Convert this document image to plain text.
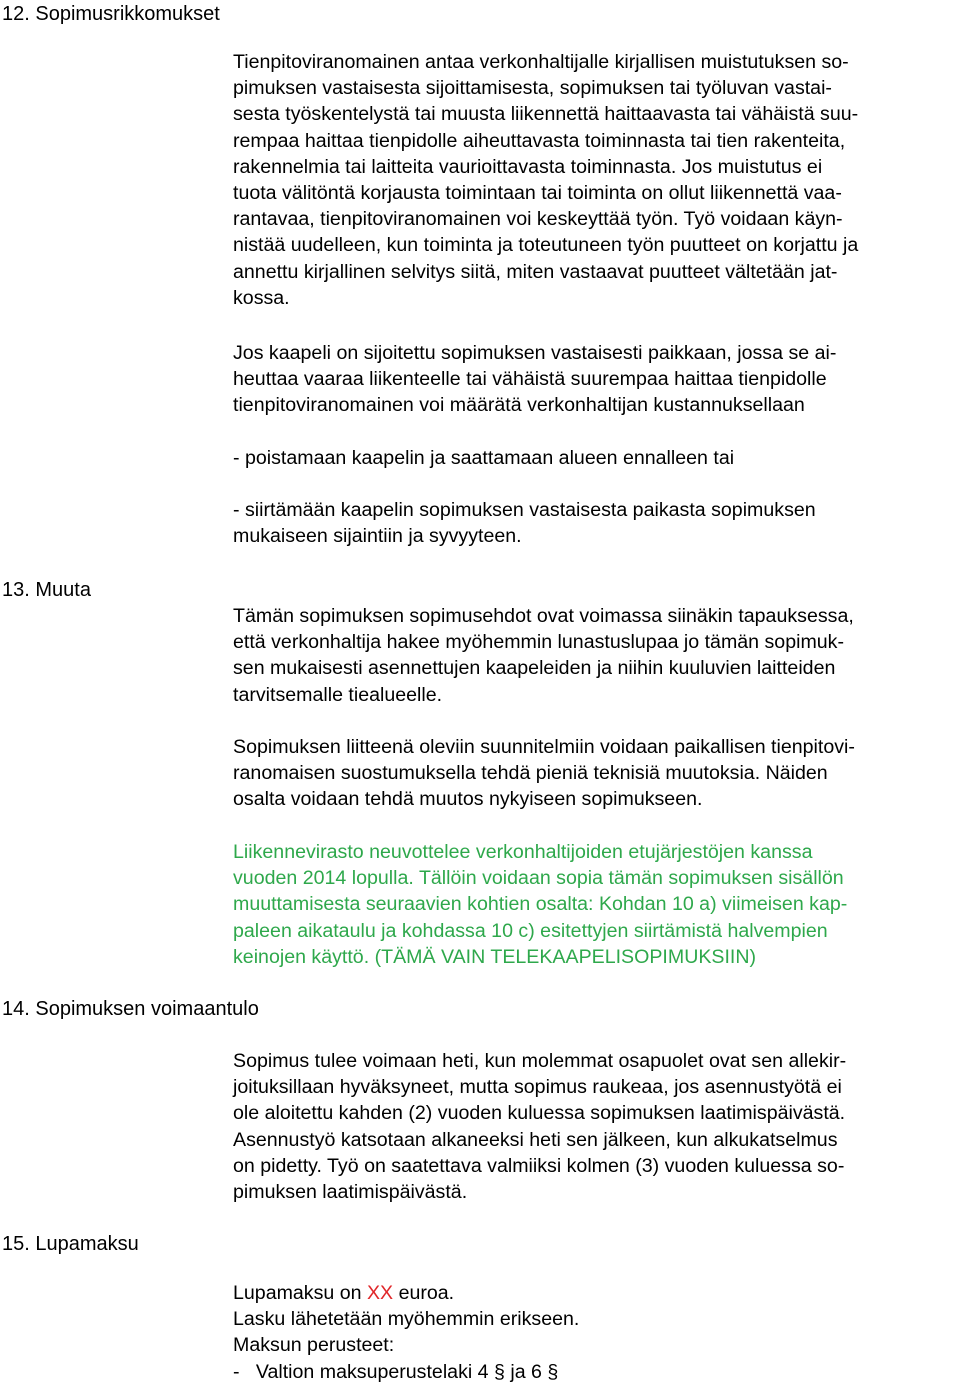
12. Sopimusrikkomukset

Tienpitoviranomainen antaa verkonhaltijalle kirjallisen muistutuksen so-
pimuksen vastaisesta sijoittamisesta, sopimuksen tai työluvan vastai-
sesta työskentelystä tai muusta liikennettä haittaavasta tai vähäistä suu-
rempaa haittaa tienpidolle aiheuttavasta toiminnasta tai tien rakenteita,
rakennelmia tai laitteita vaurioittavasta toiminnasta. Jos muistutus ei
tuota välitöntä korjausta toimintaan tai toiminta on ollut liikennettä vaa-
rantavaa, tienpitoviranomainen voi keskeyttää työn. Työ voidaan käyn-
nistää uudelleen, kun toiminta ja toteutuneen työn puutteet on korjattu ja
annettu kirjallinen selvitys siitä, miten vastaavat puutteet vältetään jat-
kossa.

Jos kaapeli on sijoitettu sopimuksen vastaisesti paikkaan, jossa se ai-
heuttaa vaaraa liikenteelle tai vähäistä suurempaa haittaa tienpidolle
tienpitoviranomainen voi määrätä verkonhaltijan kustannuksellaan

- poistamaan kaapelin ja saattamaan alueen ennalleen tai

- siirtämään kaapelin sopimuksen vastaisesta paikasta sopimuksen
mukaiseen sijaintiin ja syvyyteen.

13. Muuta

Tämän sopimuksen sopimusehdot ovat voimassa siinäkin tapauksessa,
että verkonhaltija hakee myöhemmin lunastuslupaa jo tämän sopimuk-
sen mukaisesti asennettujen kaapeleiden ja niihin kuuluvien laitteiden
tarvitsemalle tiealueelle.

Sopimuksen liitteenä oleviin suunnitelmiin voidaan paikallisen tienpitovi-
ranomaisen suostumuksella tehdä pieniä teknisiä muutoksia. Näiden
osalta voidaan tehdä muutos nykyiseen sopimukseen.

Liikennevirasto neuvottelee verkonhaltijoiden etujärjestöjen kanssa
vuoden 2014 lopulla. Tällöin voidaan sopia tämän sopimuksen sisällön
muuttamisesta seuraavien kohtien osalta: Kohdan 10 a) viimeisen kap-
paleen aikataulu ja kohdassa 10 c) esitettyjen siirtämistä halvempien
keinojen käyttö. (TÄMÄ VAIN TELEKAAPELISOPIMUKSIIN)

14. Sopimuksen voimaantulo

Sopimus tulee voimaan heti, kun molemmat osapuolet ovat sen allekir-
joituksillaan hyväksyneet, mutta sopimus raukeaa, jos asennustyötä ei
ole aloitettu kahden (2) vuoden kuluessa sopimuksen laatimispäivästä.
Asennustyö katsotaan alkaneeksi heti sen jälkeen, kun alkukatselmus
on pidetty. Työ on saatettava valmiiksi kolmen (3) vuoden kuluessa so-
pimuksen laatimispäivästä.

15. Lupamaksu

Lupamaksu on XX euroa.
Lasku lähetetään myöhemmin erikseen.
Maksun perusteet:
-   Valtion maksuperustelaki 4 § ja 6 §
